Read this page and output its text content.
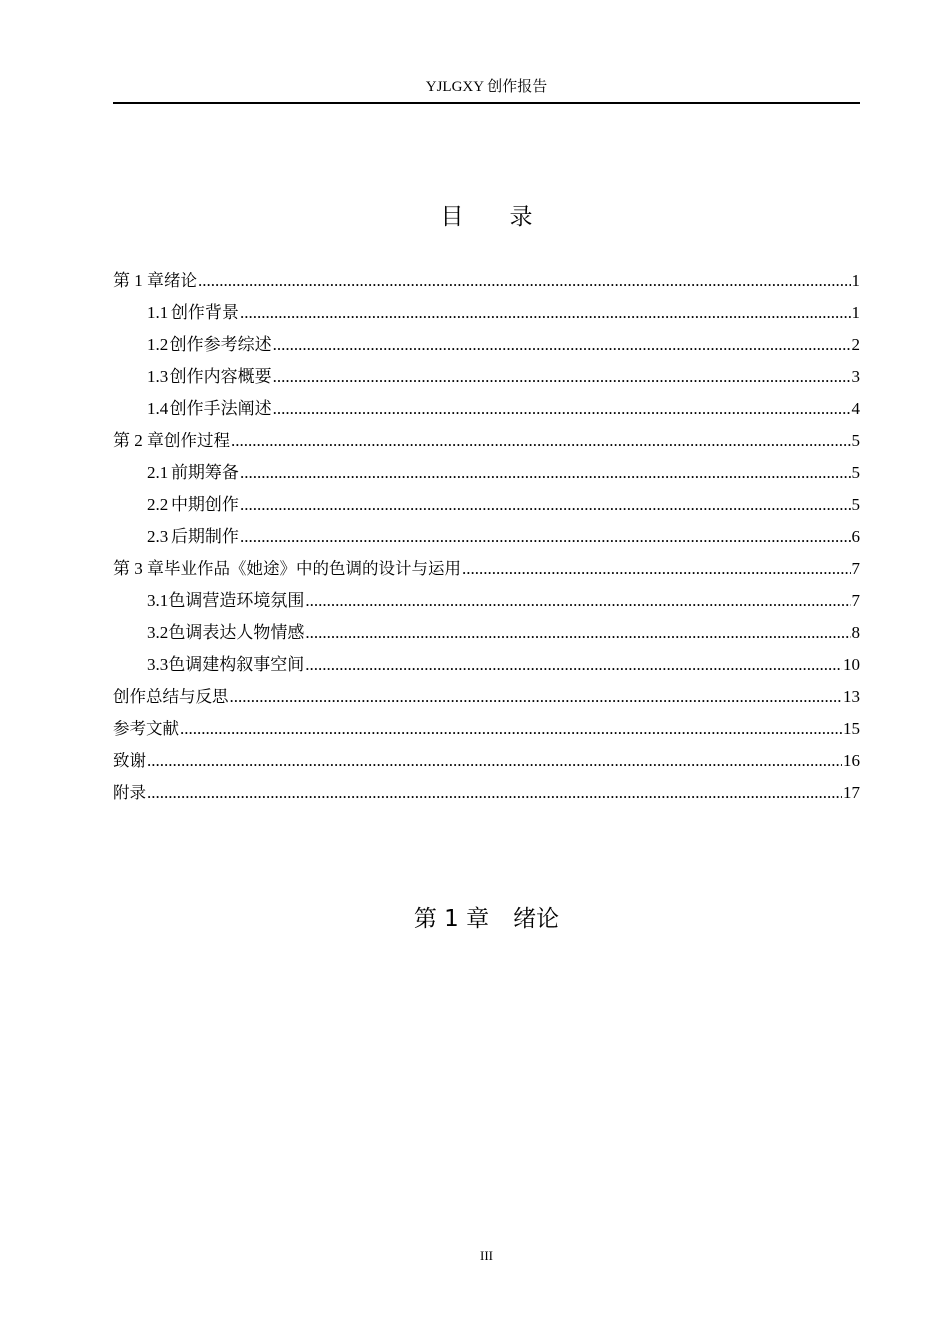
YJLGXY 创作报告
目 录
第 1 章 绪论 .....	1
1.1 创作背景 .....	1
1.2 创作参考综述 .....	2
1.3 创作内容概要 .....	3
1.4 创作手法阐述 .....	4
第 2 章 创作过程 .....	5
2.1 前期筹备 .....	5
2.2 中期创作 .....	5
2.3 后期制作 .....	6
第 3 章 毕业作品《她途》中的色调的设计与运用 .....	7
3.1 色调营造环境氛围 .....	7
3.2 色调表达人物情感 .....	8
3.3 色调建构叙事空间 .....	10
创作总结与反思 .....	13
参考文献 .....	15
致谢 .....	16
附录 .....	17
第 1 章 绪论
III
